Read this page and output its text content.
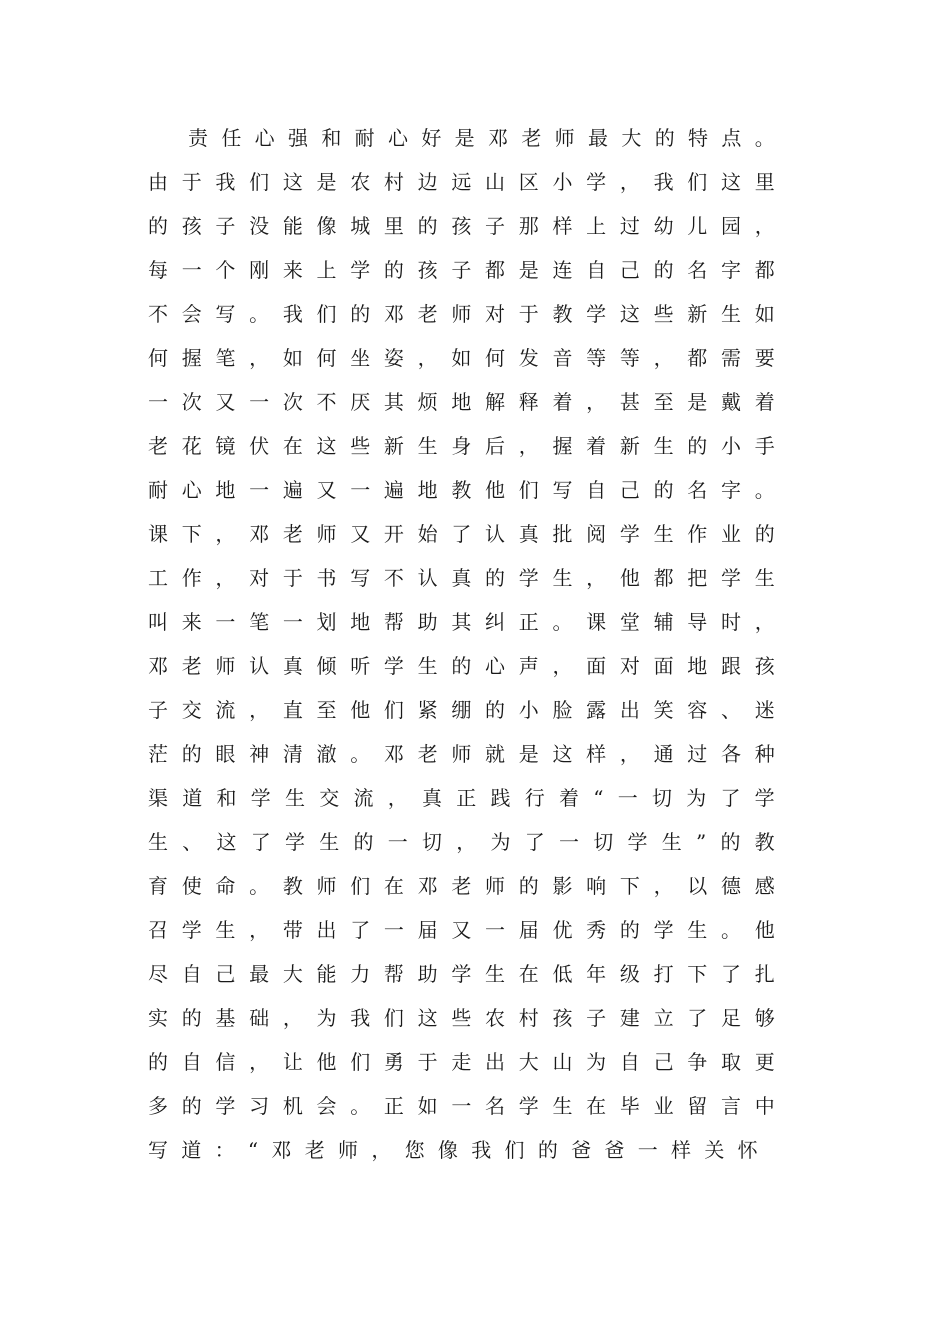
责任心强和耐心好是邓老师最大的特点。由于我们这是农村边远山区小学，我们这里的孩子没能像城里的孩子那样上过幼儿园，每一个刚来上学的孩子都是连自己的名字都不会写。我们的邓老师对于教学这些新生如何握笔，如何坐姿，如何发音等等，都需要一次又一次不厌其烦地解释着，甚至是戴着老花镜伏在这些新生身后，握着新生的小手耐心地一遍又一遍地教他们写自己的名字。课下，邓老师又开始了认真批阅学生作业的工作，对于书写不认真的学生，他都把学生叫来一笔一划地帮助其纠正。课堂辅导时，邓老师认真倾听学生的心声，面对面地跟孩子交流，直至他们紧绷的小脸露出笑容、迷茫的眼神清澈。邓老师就是这样，通过各种渠道和学生交流，真正践行着“一切为了学生、这了学生的一切，为了一切学生”的教育使命。教师们在邓老师的影响下，以德感召学生，带出了一届又一届优秀的学生。他尽自己最大能力帮助学生在低年级打下了扎实的基础，为我们这些农村孩子建立了足够的自信，让他们勇于走出大山为自己争取更多的学习机会。正如一名学生在毕业留言中写道：“邓老师，您像我们的爸爸一样关怀
